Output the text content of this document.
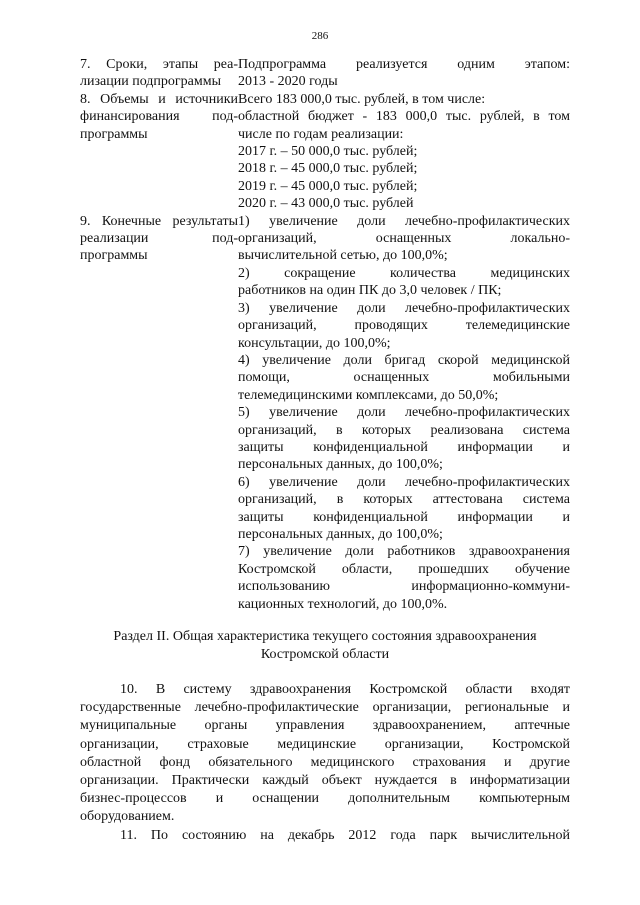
286
7. Сроки, этапы реа-
лизации подпрограммы
Подпрограмма реализуется одним этапом:
2013 - 2020 годы
8. Объемы и источники
финансирования под-
программы
Всего 183 000,0 тыс. рублей, в том числе:
областной бюджет - 183 000,0 тыс. рублей, в том
числе по годам реализации:
2017 г. – 50 000,0 тыс. рублей;
2018 г. – 45 000,0 тыс. рублей;
2019 г. – 45 000,0 тыс. рублей;
2020 г. – 43 000,0 тыс. рублей
9. Конечные результаты
реализации под-
программы
1) увеличение доли лечебно-профилактических
организаций, оснащенных локально-
вычислительной сетью, до 100,0%;
2) сокращение количества медицинских
работников на один ПК до 3,0 человек / ПК;
3) увеличение доли лечебно-профилактических
организаций, проводящих телемедицинские
консультации, до 100,0%;
4) увеличение доли бригад скорой медицинской
помощи, оснащенных мобильными
телемедицинскими комплексами, до 50,0%;
5) увеличение доли лечебно-профилактических
организаций, в которых реализована система
защиты конфиденциальной информации и
персональных данных, до 100,0%;
6) увеличение доли лечебно-профилактических
организаций, в которых аттестована система
защиты конфиденциальной информации и
персональных данных, до 100,0%;
7) увеличение доли работников здравоохранения
Костромской области, прошедших обучение
использованию информационно-коммуни-
кационных технологий, до 100,0%.
Раздел II. Общая характеристика текущего состояния здравоохранения
Костромской области
10. В систему здравоохранения Костромской области входят
государственные лечебно-профилактические организации, региональные и
муниципальные органы управления здравоохранением, аптечные
организации, страховые медицинские организации, Костромской
областной фонд обязательного медицинского страхования и другие
организации. Практически каждый объект нуждается в информатизации
бизнес-процессов и оснащении дополнительным компьютерным
оборудованием.
11. По состоянию на декабрь 2012 года парк вычислительной
